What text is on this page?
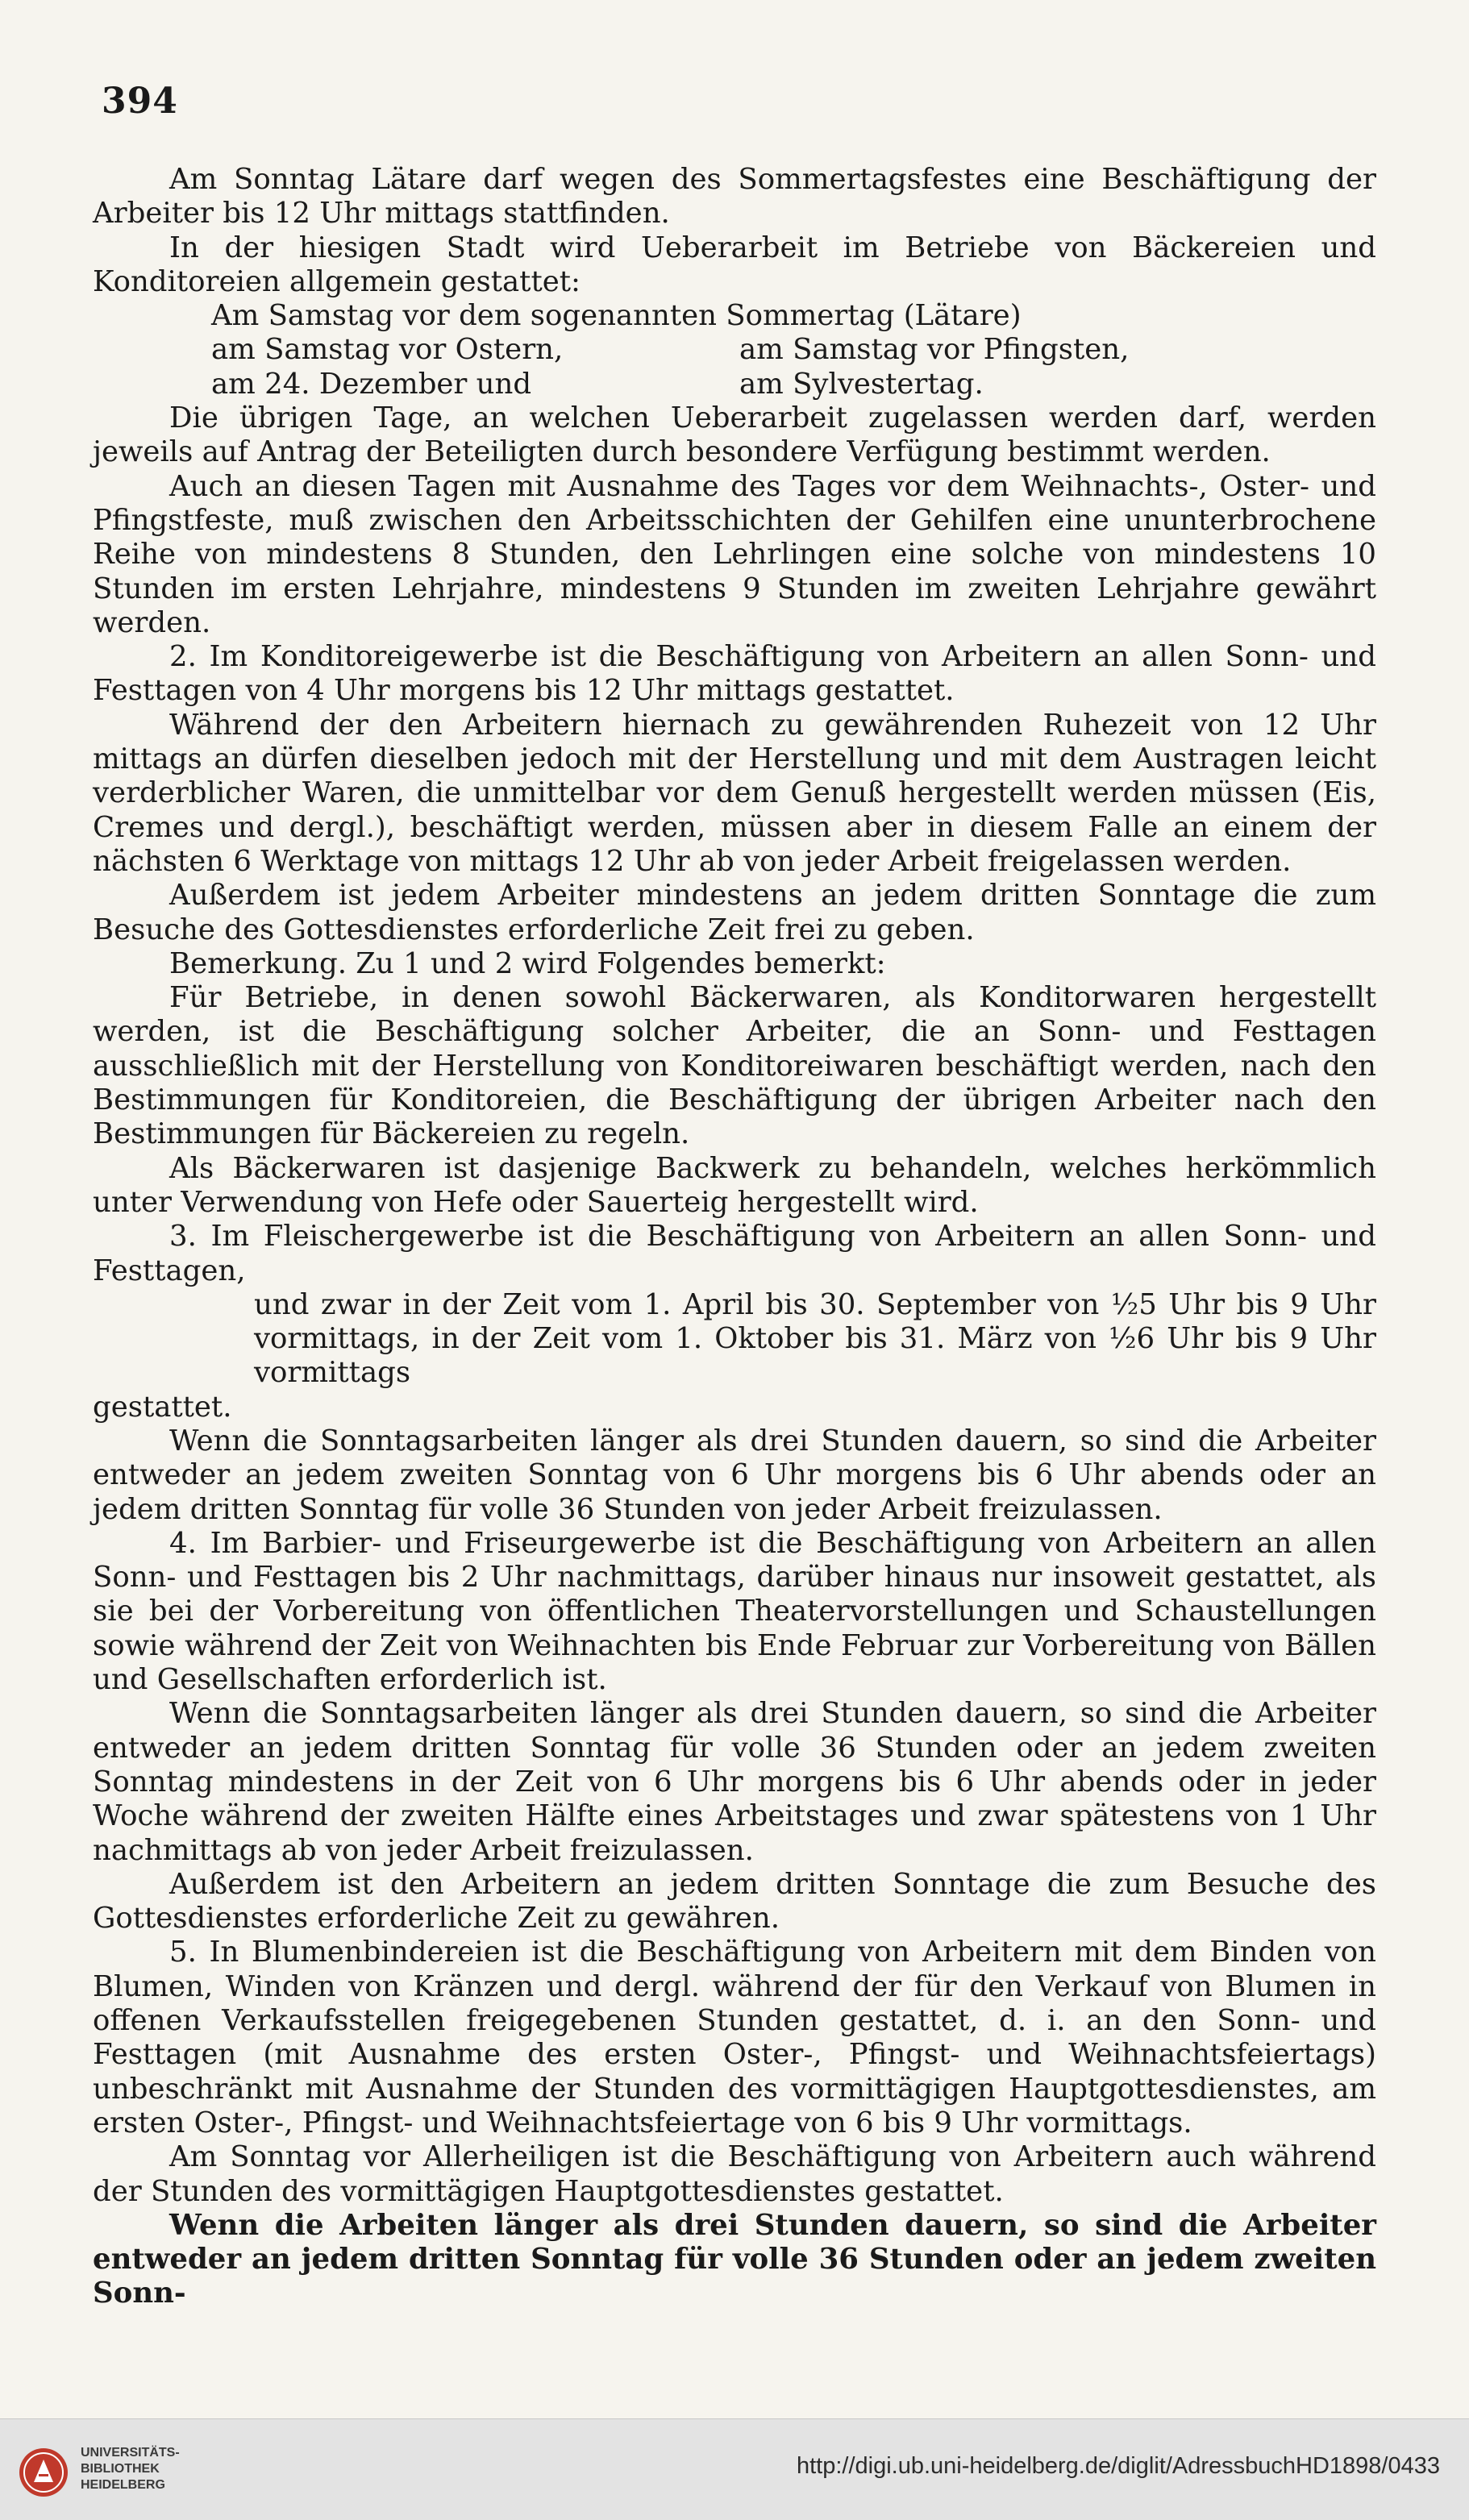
394

Am Sonntag Lätare darf wegen des Sommertagsfestes eine Beschäftigung der Arbeiter bis 12 Uhr mittags stattfinden.

In der hiesigen Stadt wird Ueberarbeit im Betriebe von Bäckereien und Konditoreien allgemein gestattet:

Am Samstag vor dem sogenannten Sommertag (Lätare)
am Samstag vor Ostern,	am Samstag vor Pfingsten,
am 24. Dezember und	am Sylvestertag.

Die übrigen Tage, an welchen Ueberarbeit zugelassen werden darf, werden jeweils auf Antrag der Beteiligten durch besondere Verfügung bestimmt werden.

Auch an diesen Tagen mit Ausnahme des Tages vor dem Weihnachts-, Oster- und Pfingstfeste, muß zwischen den Arbeitsschichten der Gehilfen eine ununterbrochene Reihe von mindestens 8 Stunden, den Lehrlingen eine solche von mindestens 10 Stunden im ersten Lehrjahre, mindestens 9 Stunden im zweiten Lehrjahre gewährt werden.

2. Im Konditoreigewerbe ist die Beschäftigung von Arbeitern an allen Sonn- und Festtagen von 4 Uhr morgens bis 12 Uhr mittags gestattet.

Während der den Arbeitern hiernach zu gewährenden Ruhezeit von 12 Uhr mittags an dürfen dieselben jedoch mit der Herstellung und mit dem Austragen leicht verderblicher Waren, die unmittelbar vor dem Genuß hergestellt werden müssen (Eis, Cremes und dergl.), beschäftigt werden, müssen aber in diesem Falle an einem der nächsten 6 Werktage von mittags 12 Uhr ab von jeder Arbeit freigelassen werden.

Außerdem ist jedem Arbeiter mindestens an jedem dritten Sonntage die zum Besuche des Gottesdienstes erforderliche Zeit frei zu geben.

Bemerkung. Zu 1 und 2 wird Folgendes bemerkt:

Für Betriebe, in denen sowohl Bäckerwaren, als Konditorwaren hergestellt werden, ist die Beschäftigung solcher Arbeiter, die an Sonn- und Festtagen ausschließlich mit der Herstellung von Konditoreiwaren beschäftigt werden, nach den Bestimmungen für Konditoreien, die Beschäftigung der übrigen Arbeiter nach den Bestimmungen für Bäckereien zu regeln.

Als Bäckerwaren ist dasjenige Backwerk zu behandeln, welches herkömmlich unter Verwendung von Hefe oder Sauerteig hergestellt wird.

3. Im Fleischergewerbe ist die Beschäftigung von Arbeitern an allen Sonn- und Festtagen,

und zwar in der Zeit vom 1. April bis 30. September von ½5 Uhr bis 9 Uhr vormittags, in der Zeit vom 1. Oktober bis 31. März von ½6 Uhr bis 9 Uhr vormittags

gestattet.

Wenn die Sonntagsarbeiten länger als drei Stunden dauern, so sind die Arbeiter entweder an jedem zweiten Sonntag von 6 Uhr morgens bis 6 Uhr abends oder an jedem dritten Sonntag für volle 36 Stunden von jeder Arbeit freizulassen.

4. Im Barbier- und Friseurgewerbe ist die Beschäftigung von Arbeitern an allen Sonn- und Festtagen bis 2 Uhr nachmittags, darüber hinaus nur insoweit gestattet, als sie bei der Vorbereitung von öffentlichen Theatervorstellungen und Schaustellungen sowie während der Zeit von Weihnachten bis Ende Februar zur Vorbereitung von Bällen und Gesellschaften erforderlich ist.

Wenn die Sonntagsarbeiten länger als drei Stunden dauern, so sind die Arbeiter entweder an jedem dritten Sonntag für volle 36 Stunden oder an jedem zweiten Sonntag mindestens in der Zeit von 6 Uhr morgens bis 6 Uhr abends oder in jeder Woche während der zweiten Hälfte eines Arbeitstages und zwar spätestens von 1 Uhr nachmittags ab von jeder Arbeit freizulassen.

Außerdem ist den Arbeitern an jedem dritten Sonntage die zum Besuche des Gottesdienstes erforderliche Zeit zu gewähren.

5. In Blumenbindereien ist die Beschäftigung von Arbeitern mit dem Binden von Blumen, Winden von Kränzen und dergl. während der für den Verkauf von Blumen in offenen Verkaufsstellen freigegebenen Stunden gestattet, d. i. an den Sonn- und Festtagen (mit Ausnahme des ersten Oster-, Pfingst- und Weihnachtsfeiertags) unbeschränkt mit Ausnahme der Stunden des vormittägigen Hauptgottesdienstes, am ersten Oster-, Pfingst- und Weihnachtsfeiertage von 6 bis 9 Uhr vormittags.

Am Sonntag vor Allerheiligen ist die Beschäftigung von Arbeitern auch während der Stunden des vormittägigen Hauptgottesdienstes gestattet.

Wenn die Arbeiten länger als drei Stunden dauern, so sind die Arbeiter entweder an jedem dritten Sonntag für volle 36 Stunden oder an jedem zweiten Sonn-

UNIVERSITÄTS-
BIBLIOTHEK
HEIDELBERG
http://digi.ub.uni-heidelberg.de/diglit/AdressbuchHD1898/0433
